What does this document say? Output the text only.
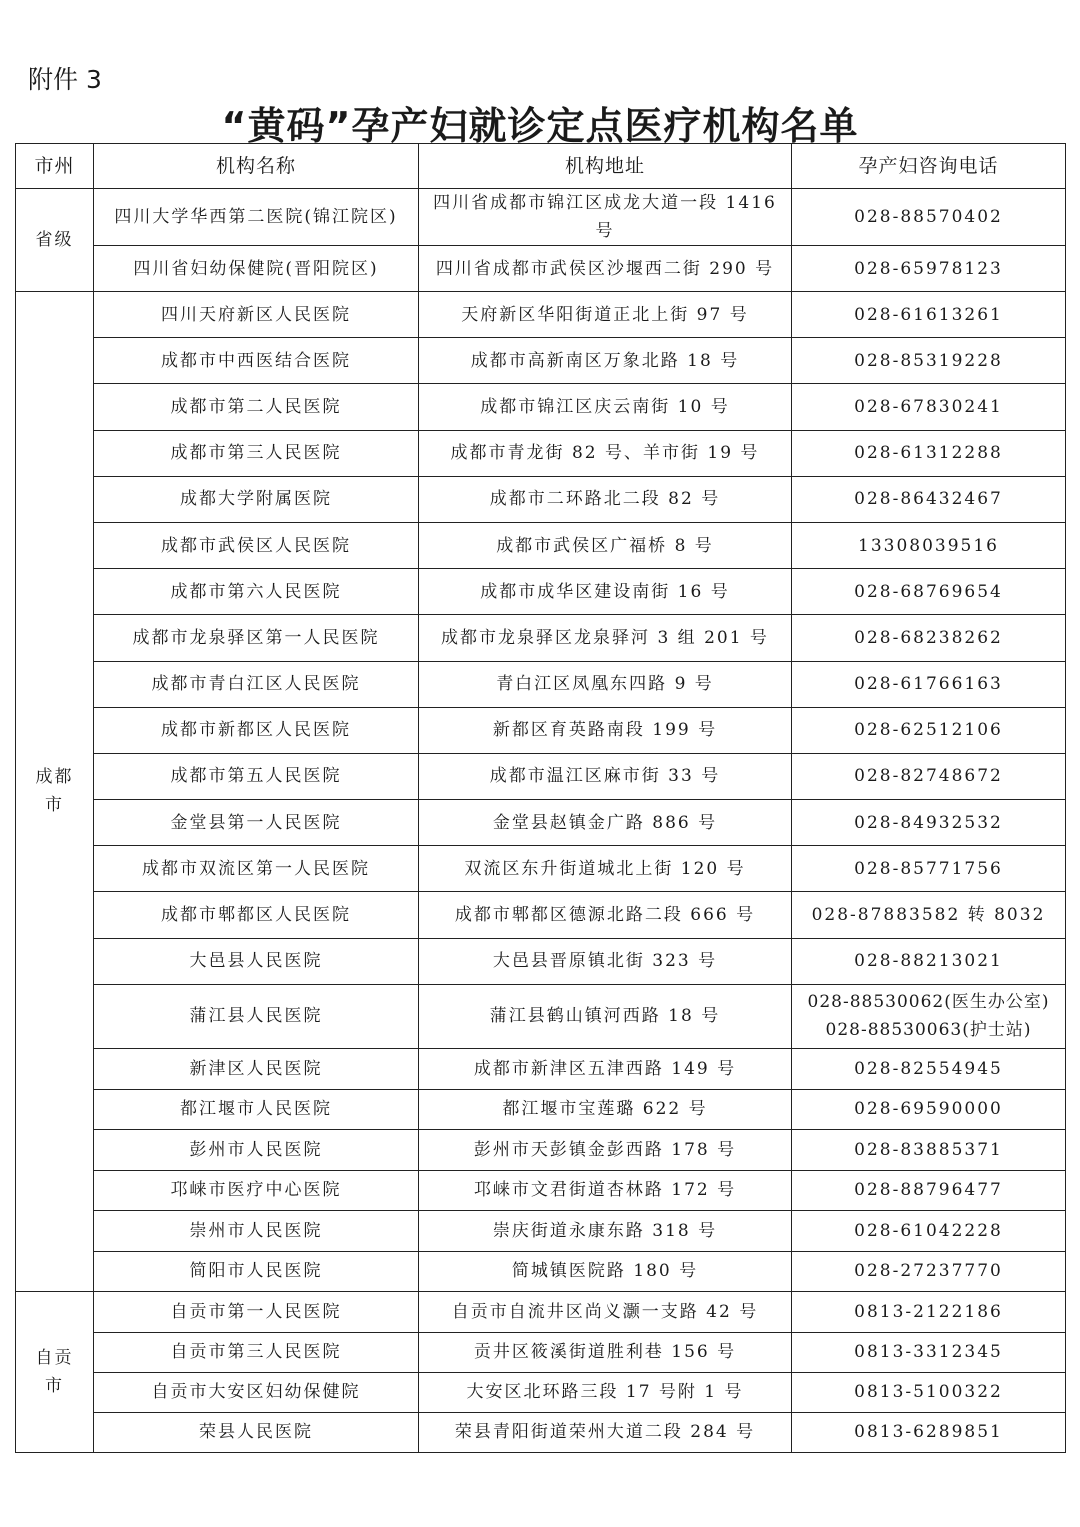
附件 3
“黄码”孕产妇就诊定点医疗机构名单
市州	机构名称	机构地址	孕产妇咨询电话
省级	四川大学华西第二医院(锦江院区)	四川省成都市锦江区成龙大道一段 1416 号	028-88570402
	四川省妇幼保健院(晋阳院区)	四川省成都市武侯区沙堰西二街 290 号	028-65978123
成都市	四川天府新区人民医院	天府新区华阳街道正北上街 97 号	028-61613261
	成都市中西医结合医院	成都市高新南区万象北路 18 号	028-85319228
	成都市第二人民医院	成都市锦江区庆云南街 10 号	028-67830241
	成都市第三人民医院	成都市青龙街 82 号、羊市街 19 号	028-61312288
	成都大学附属医院	成都市二环路北二段 82 号	028-86432467
	成都市武侯区人民医院	成都市武侯区广福桥 8 号	13308039516
	成都市第六人民医院	成都市成华区建设南街 16 号	028-68769654
	成都市龙泉驿区第一人民医院	成都市龙泉驿区龙泉驿河 3 组 201 号	028-68238262
	成都市青白江区人民医院	青白江区凤凰东四路 9 号	028-61766163
	成都市新都区人民医院	新都区育英路南段 199 号	028-62512106
	成都市第五人民医院	成都市温江区麻市街 33 号	028-82748672
	金堂县第一人民医院	金堂县赵镇金广路 886 号	028-84932532
	成都市双流区第一人民医院	双流区东升街道城北上街 120 号	028-85771756
	成都市郫都区人民医院	成都市郫都区德源北路二段 666 号	028-87883582 转 8032
	大邑县人民医院	大邑县晋原镇北街 323 号	028-88213021
	蒲江县人民医院	蒲江县鹤山镇河西路 18 号	028-88530062(医生办公室)
028-88530063(护士站)

	新津区人民医院	成都市新津区五津西路 149 号	028-82554945
	都江堰市人民医院	都江堰市宝莲璐 622 号	028-69590000
	彭州市人民医院	彭州市天彭镇金彭西路 178 号	028-83885371
	邛崃市医疗中心医院	邛崃市文君街道杏林路 172 号	028-88796477
	崇州市人民医院	崇庆街道永康东路 318 号	028-61042228
	简阳市人民医院	简城镇医院路 180 号	028-27237770
自贡市	自贡市第一人民医院	自贡市自流井区尚义灏一支路 42 号	0813-2122186
	自贡市第三人民医院	贡井区筱溪街道胜利巷 156 号	0813-3312345
	自贡市大安区妇幼保健院	大安区北环路三段 17 号附 1 号	0813-5100322
	荣县人民医院	荣县青阳街道荣州大道二段 284 号	0813-6289851
